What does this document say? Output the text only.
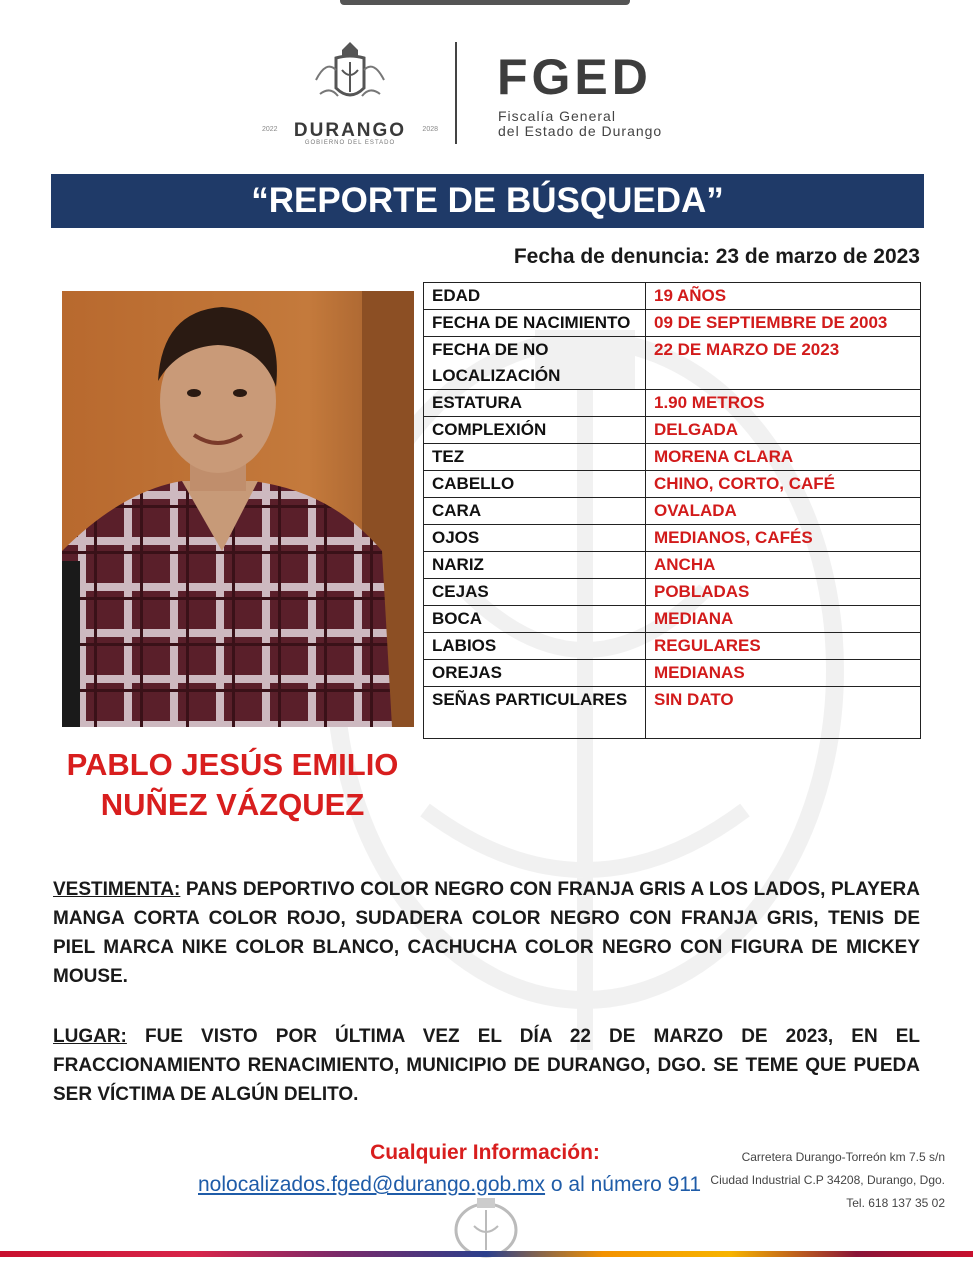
2022 DURANGO	2028
GOBIERNO DEL ESTADO
FGED
Fiscalía General
del Estado de Durango
“REPORTE DE BÚSQUEDA”
Fecha de denuncia: 23 de marzo de 2023
EDAD	19 AÑOS
FECHA DE NACIMIENTO	09 DE SEPTIEMBRE DE 2003
FECHA DE NO LOCALIZACIÓN	22 DE MARZO DE 2023
ESTATURA	1.90 METROS
COMPLEXIÓN	DELGADA
TEZ	MORENA CLARA
CABELLO	CHINO, CORTO, CAFÉ
CARA	OVALADA
OJOS	MEDIANOS, CAFÉS
NARIZ	ANCHA
CEJAS	POBLADAS
BOCA	MEDIANA
LABIOS	REGULARES
OREJAS	MEDIANAS
SEÑAS PARTICULARES	SIN DATO
PABLO JESÚS EMILIO
NUÑEZ VÁZQUEZ
VESTIMENTA: PANS DEPORTIVO COLOR NEGRO CON FRANJA GRIS A LOS LADOS, PLAYERA MANGA CORTA COLOR ROJO, SUDADERA COLOR NEGRO CON FRANJA GRIS, TENIS DE PIEL MARCA NIKE COLOR BLANCO, CACHUCHA COLOR NEGRO CON FIGURA DE MICKEY MOUSE.
LUGAR: FUE VISTO POR ÚLTIMA VEZ EL DÍA 22 DE MARZO DE 2023, EN EL FRACCIONAMIENTO RENACIMIENTO, MUNICIPIO DE DURANGO, DGO. SE TEME QUE PUEDA SER VÍCTIMA DE ALGÚN DELITO.
Cualquier Información:
nolocalizados.fged@durango.gob.mx o al número 911
Carretera Durango-Torreón km 7.5 s/n
Ciudad Industrial C.P 34208, Durango, Dgo.
Tel. 618 137 35 02
